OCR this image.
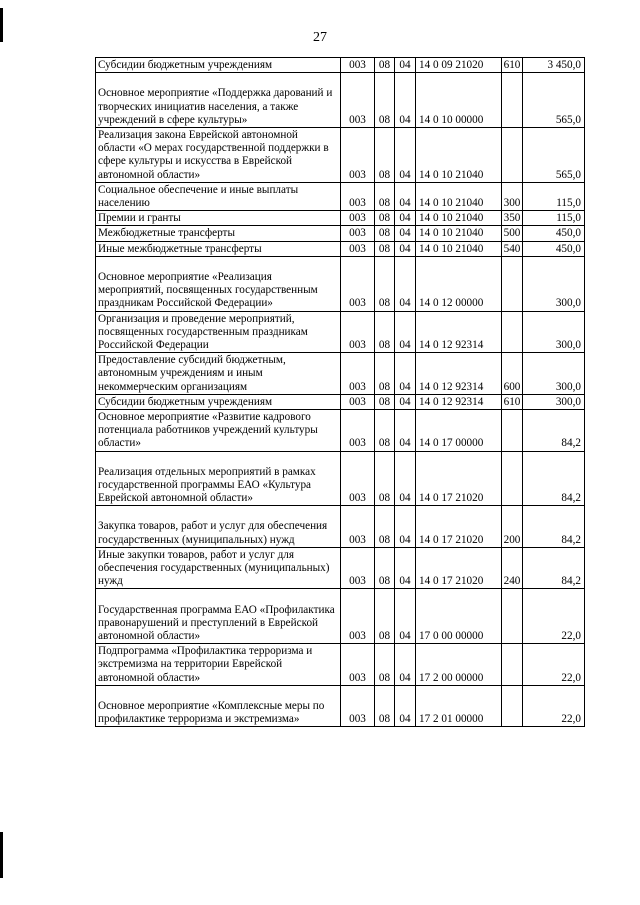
27
Субсидии бюджетным учреждениям	003	08	04	14 0 09 21020	610	3 450,0
Основное мероприятие «Поддержка дарований и творческих инициатив населения, а также учреждений в сфере культуры»	003	08	04	14 0 10 00000		565,0
Реализация закона Еврейской автономной области «О мерах государственной поддержки в сфере культуры и искусства в Еврейской автономной области»	003	08	04	14 0 10 21040		565,0
Социальное обеспечение и иные выплаты населению	003	08	04	14 0 10 21040	300	115,0
Премии и гранты	003	08	04	14 0 10 21040	350	115,0
Межбюджетные трансферты	003	08	04	14 0 10 21040	500	450,0
Иные межбюджетные трансферты	003	08	04	14 0 10 21040	540	450,0
Основное мероприятие «Реализация мероприятий, посвященных государственным праздникам Российской Федерации»	003	08	04	14 0 12 00000		300,0
Организация и проведение мероприятий, посвященных государственным праздникам Российской Федерации	003	08	04	14 0 12 92314		300,0
Предоставление субсидий бюджетным, автономным учреждениям и иным некоммерческим организациям	003	08	04	14 0 12 92314	600	300,0
Субсидии бюджетным учреждениям	003	08	04	14 0 12 92314	610	300,0
Основное мероприятие «Развитие кадрового потенциала работников учреждений культуры области»	003	08	04	14 0 17 00000		84,2
Реализация отдельных мероприятий в рамках государственной программы ЕАО «Культура Еврейской автономной области»	003	08	04	14 0 17 21020		84,2
Закупка товаров, работ и услуг для обеспечения государственных (муниципальных) нужд	003	08	04	14 0 17 21020	200	84,2
Иные закупки товаров, работ и услуг для обеспечения государственных (муниципальных) нужд	003	08	04	14 0 17 21020	240	84,2
Государственная программа ЕАО «Профилактика правонарушений и преступлений в Еврейской автономной области»	003	08	04	17 0 00 00000		22,0
Подпрограмма «Профилактика терроризма и экстремизма на территории Еврейской автономной области»	003	08	04	17 2 00 00000		22,0
Основное мероприятие «Комплексные меры по профилактике терроризма и экстремизма»	003	08	04	17 2 01 00000		22,0
